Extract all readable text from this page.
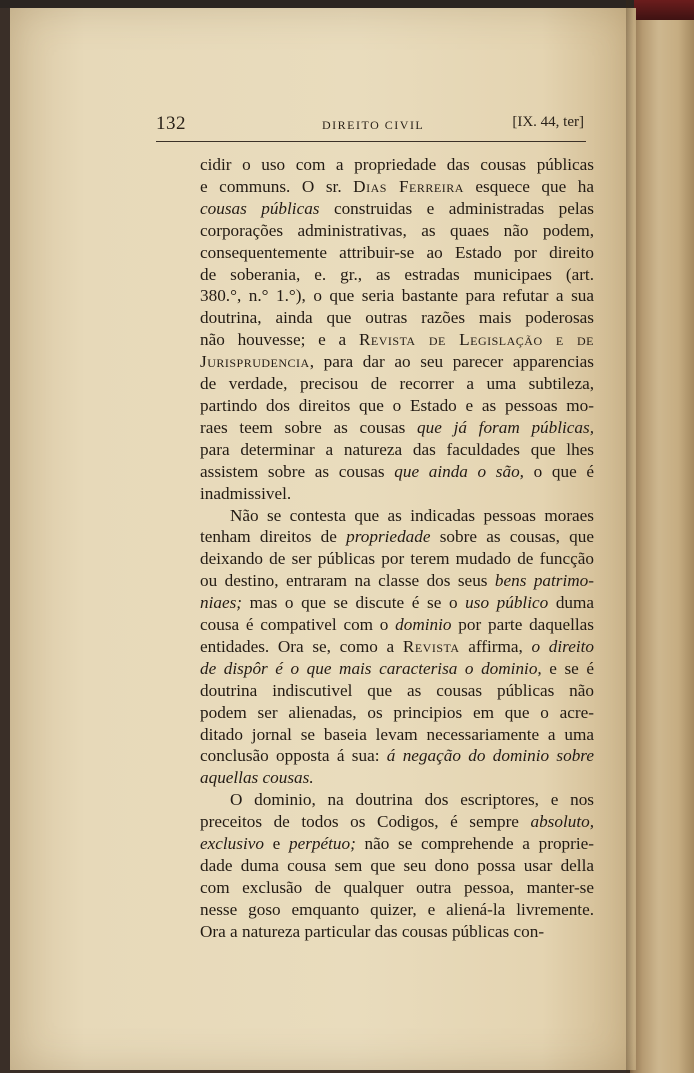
132	DIREITO CIVIL	[IX. 44, ter]
cidir o uso com a propriedade das cousas públicas
e communs. O sr. Dias Ferreira esquece que ha
cousas públicas construidas e administradas pelas
corporações administrativas, as quaes não podem,
consequentemente attribuir-se ao Estado por direito
de soberania, e. gr., as estradas municipaes (art.
380.°, n.° 1.°), o que seria bastante para refutar a sua
doutrina, ainda que outras razões mais poderosas
não houvesse; e a Revista de Legislação e de
Jurisprudencia, para dar ao seu parecer apparencias
de verdade, precisou de recorrer a uma subtileza,
partindo dos direitos que o Estado e as pessoas mo-
raes teem sobre as cousas que já foram públicas,
para determinar a natureza das faculdades que lhes
assistem sobre as cousas que ainda o são, o que é
inadmissivel.
Não se contesta que as indicadas pessoas moraes
tenham direitos de propriedade sobre as cousas, que
deixando de ser públicas por terem mudado de funcção
ou destino, entraram na classe dos seus bens patrimo-
niaes; mas o que se discute é se o uso público duma
cousa é compativel com o dominio por parte daquellas
entidades. Ora se, como a Revista affirma, o direito
de dispôr é o que mais caracterisa o dominio, e se é
doutrina indiscutivel que as cousas públicas não
podem ser alienadas, os principios em que o acre-
ditado jornal se baseia levam necessariamente a uma
conclusão opposta á sua: á negação do dominio sobre
aquellas cousas.
O dominio, na doutrina dos escriptores, e nos
preceitos de todos os Codigos, é sempre absoluto,
exclusivo e perpétuo; não se comprehende a proprie-
dade duma cousa sem que seu dono possa usar della
com exclusão de qualquer outra pessoa, manter-se
nesse goso emquanto quizer, e aliená-la livremente.
Ora a natureza particular das cousas públicas con-
